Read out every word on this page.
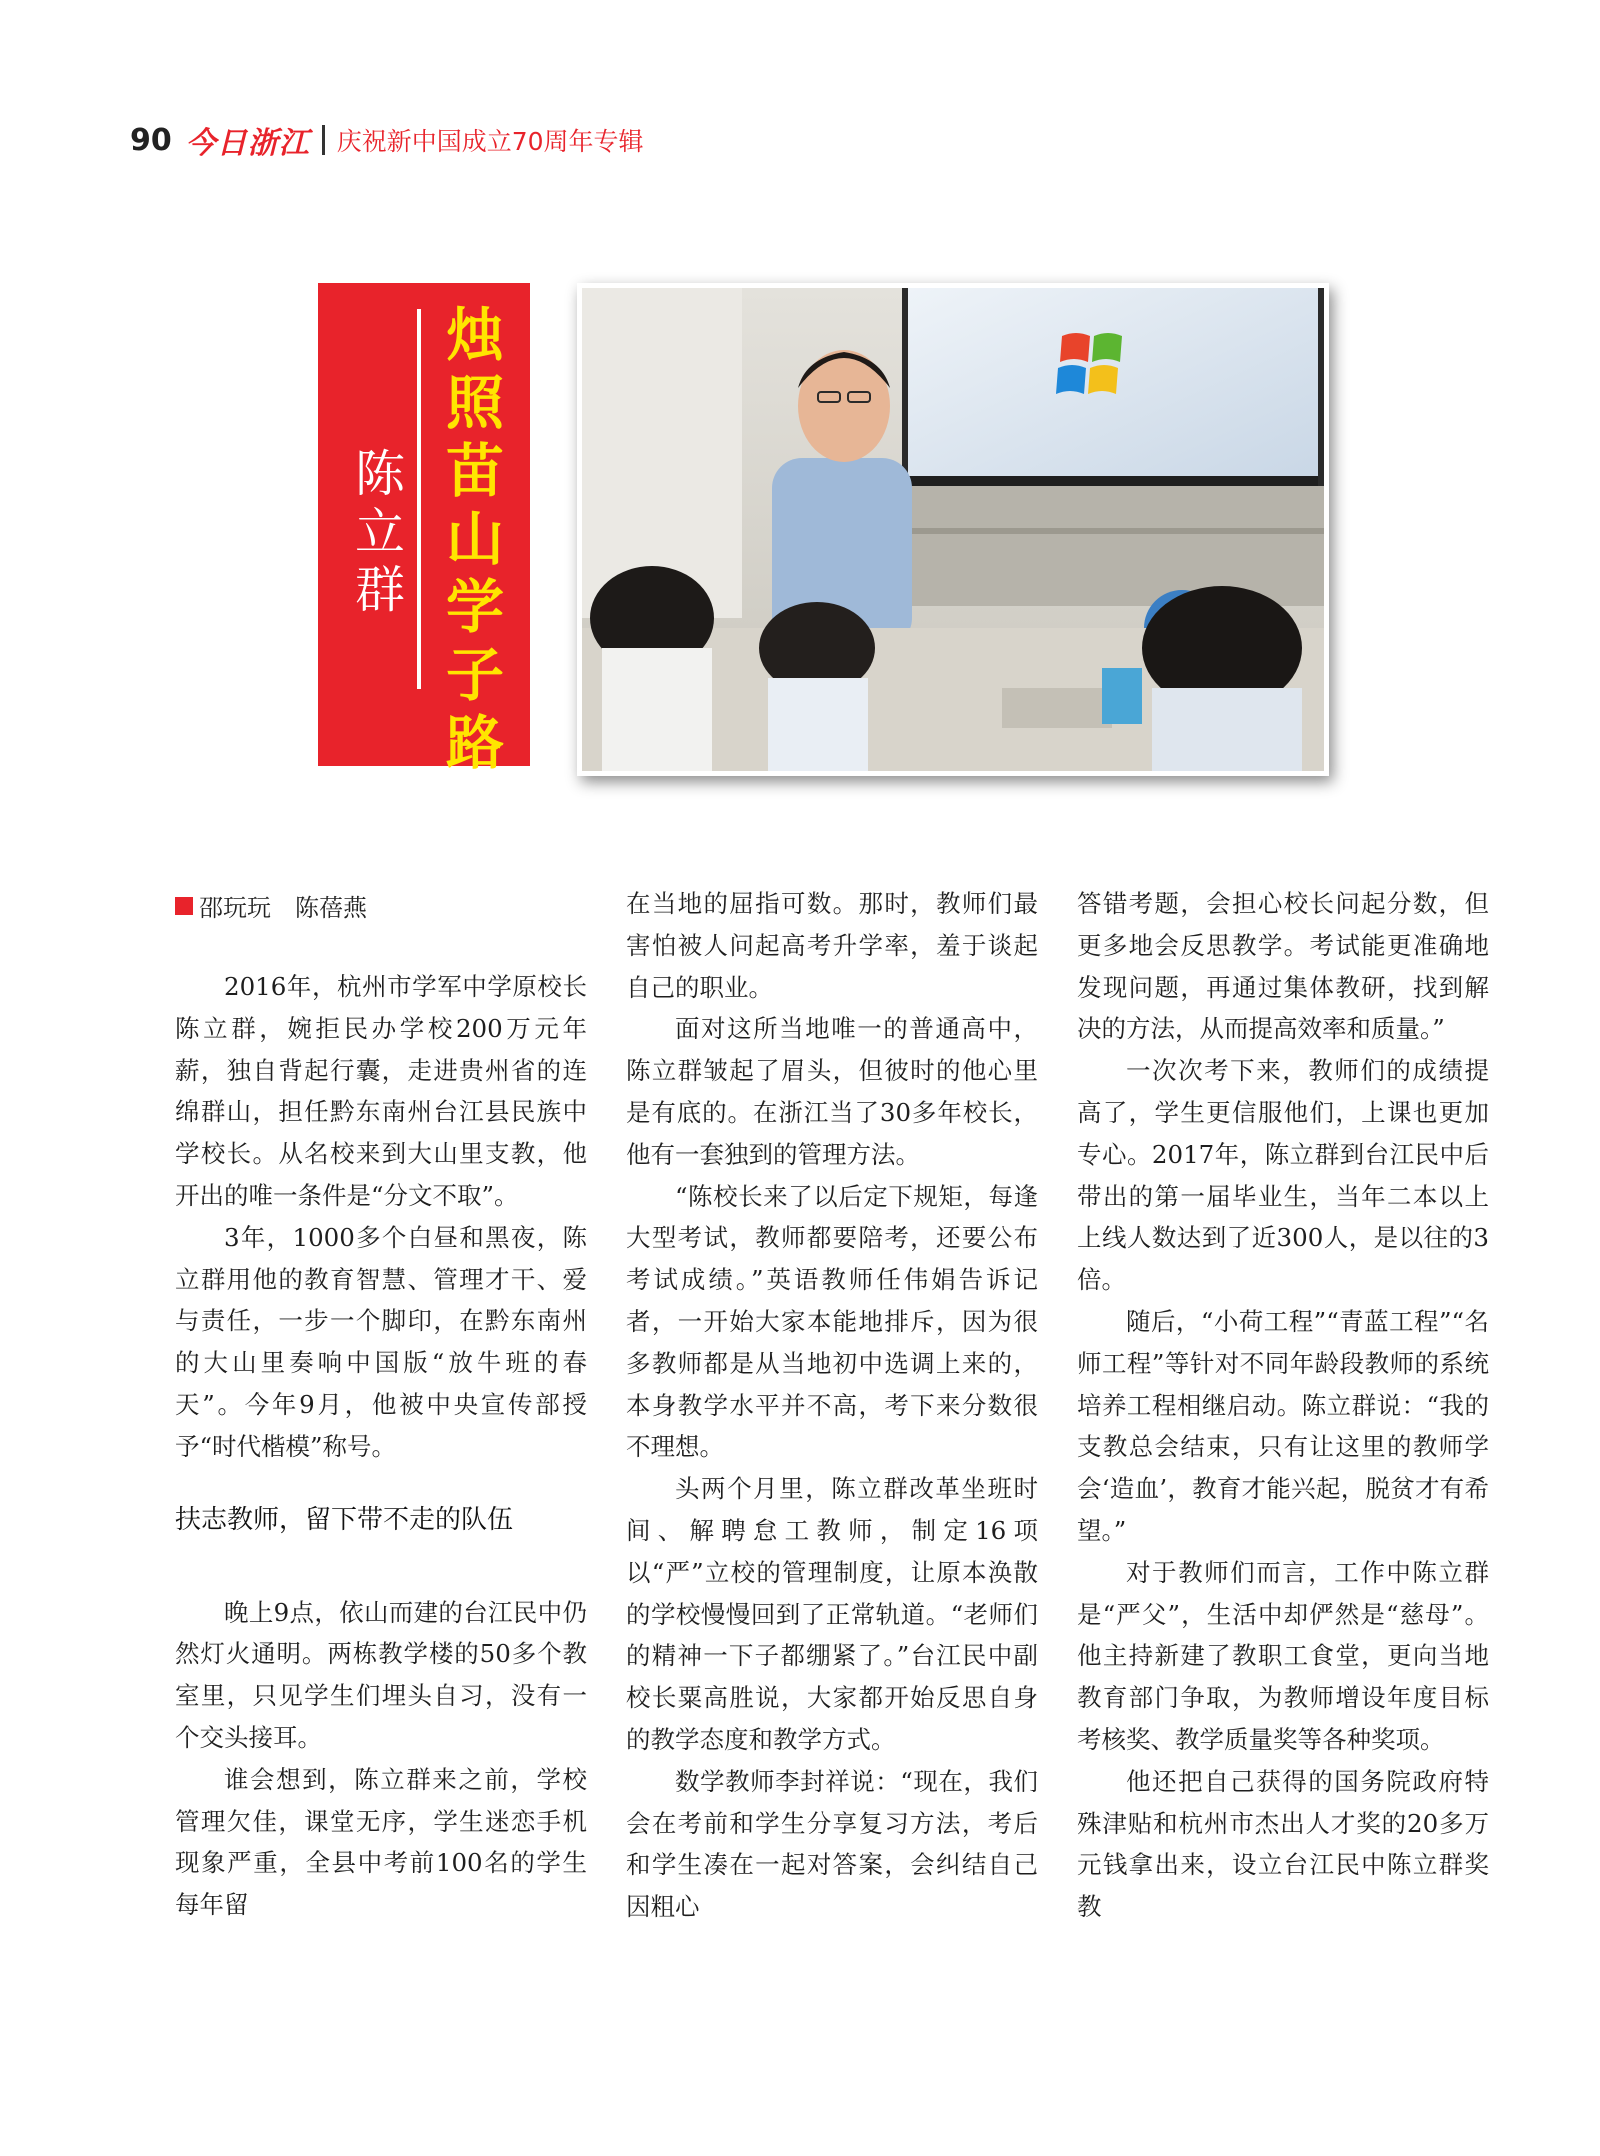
90 今日浙江 庆祝新中国成立70周年专辑
烛照苗山学子路
陈立群
邵玩玩　陈蓓燕

2016年，杭州市学军中学原校长陈立群，婉拒民办学校200万元年薪，独自背起行囊，走进贵州省的连绵群山，担任黔东南州台江县民族中学校长。从名校来到大山里支教，他开出的唯一条件是“分文不取”。

3年，1000多个白昼和黑夜，陈立群用他的教育智慧、管理才干、爱与责任，一步一个脚印，在黔东南州的大山里奏响中国版“放牛班的春天”。今年9月，他被中央宣传部授予“时代楷模”称号。

扶志教师，留下带不走的队伍

晚上9点，依山而建的台江民中仍然灯火通明。两栋教学楼的50多个教室里，只见学生们埋头自习，没有一个交头接耳。

谁会想到，陈立群来之前，学校管理欠佳，课堂无序，学生迷恋手机现象严重，全县中考前100名的学生每年留

在当地的屈指可数。那时，教师们最害怕被人问起高考升学率，羞于谈起自己的职业。

面对这所当地唯一的普通高中，陈立群皱起了眉头，但彼时的他心里是有底的。在浙江当了30多年校长，他有一套独到的管理方法。

“陈校长来了以后定下规矩，每逢大型考试，教师都要陪考，还要公布考试成绩。”英语教师任伟娟告诉记者，一开始大家本能地排斥，因为很多教师都是从当地初中选调上来的，本身教学水平并不高，考下来分数很不理想。

头两个月里，陈立群改革坐班时间、解聘怠工教师，制定16项以“严”立校的管理制度，让原本涣散的学校慢慢回到了正常轨道。“老师们的精神一下子都绷紧了。”台江民中副校长粟高胜说，大家都开始反思自身的教学态度和教学方式。

数学教师李封祥说：“现在，我们会在考前和学生分享复习方法，考后和学生凑在一起对答案，会纠结自己因粗心

答错考题，会担心校长问起分数，但更多地会反思教学。考试能更准确地发现问题，再通过集体教研，找到解决的方法，从而提高效率和质量。”

一次次考下来，教师们的成绩提高了，学生更信服他们，上课也更加专心。2017年，陈立群到台江民中后带出的第一届毕业生，当年二本以上上线人数达到了近300人，是以往的3倍。

随后，“小荷工程”“青蓝工程”“名师工程”等针对不同年龄段教师的系统培养工程相继启动。陈立群说：“我的支教总会结束，只有让这里的教师学会‘造血’，教育才能兴起，脱贫才有希望。”

对于教师们而言，工作中陈立群是“严父”，生活中却俨然是“慈母”。他主持新建了教职工食堂，更向当地教育部门争取，为教师增设年度目标考核奖、教学质量奖等各种奖项。

他还把自己获得的国务院政府特殊津贴和杭州市杰出人才奖的20多万元钱拿出来，设立台江民中陈立群奖教
